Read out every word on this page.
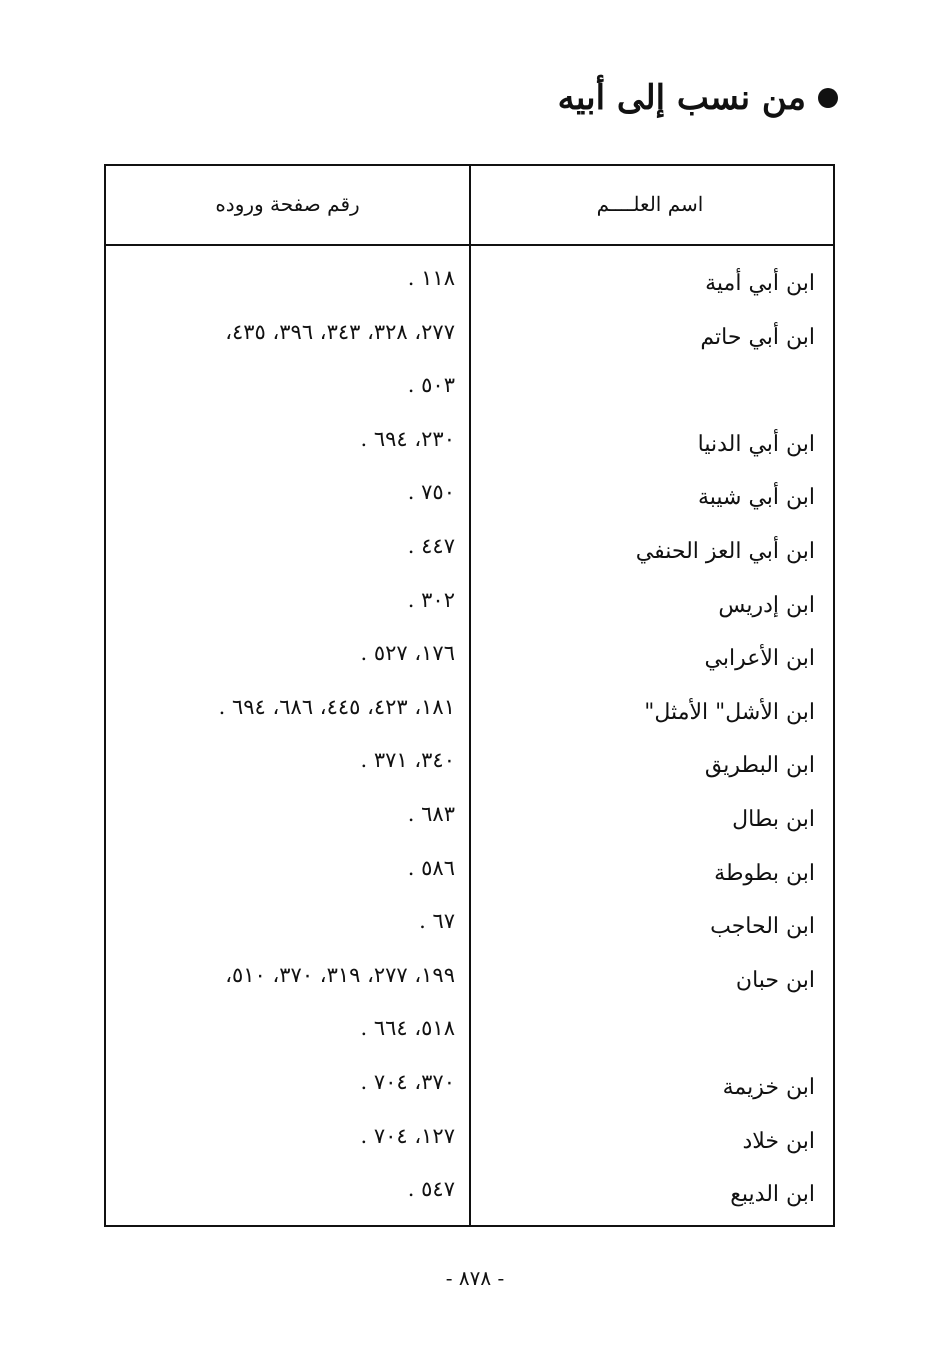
من نسب إلى أبيه
اسم العلــــم
رقم صفحة وروده
ابن أبي أمية
١١٨ .
ابن أبي حاتم
٢٧٧، ٣٢٨، ٣٤٣، ٣٩٦، ٤٣٥،
٥٠٣ .
ابن أبي الدنيا
٢٣٠، ٦٩٤ .
ابن أبي شيبة
٧٥٠ .
ابن أبي العز الحنفي
٤٤٧ .
ابن إدريس
٣٠٢ .
ابن الأعرابي
١٧٦، ٥٢٧ .
ابن الأشل" الأمثل"
١٨١، ٤٢٣، ٤٤٥، ٦٨٦، ٦٩٤ .
ابن البطريق
٣٤٠، ٣٧١ .
ابن بطال
٦٨٣ .
ابن بطوطة
٥٨٦ .
ابن الحاجب
٦٧ .
ابن حبان
١٩٩، ٢٧٧، ٣١٩، ٣٧٠، ٥١٠،
٥١٨، ٦٦٤ .
ابن خزيمة
٣٧٠، ٧٠٤ .
ابن خلاد
١٢٧، ٧٠٤ .
ابن الديبع
٥٤٧ .
- ٨٧٨ -
